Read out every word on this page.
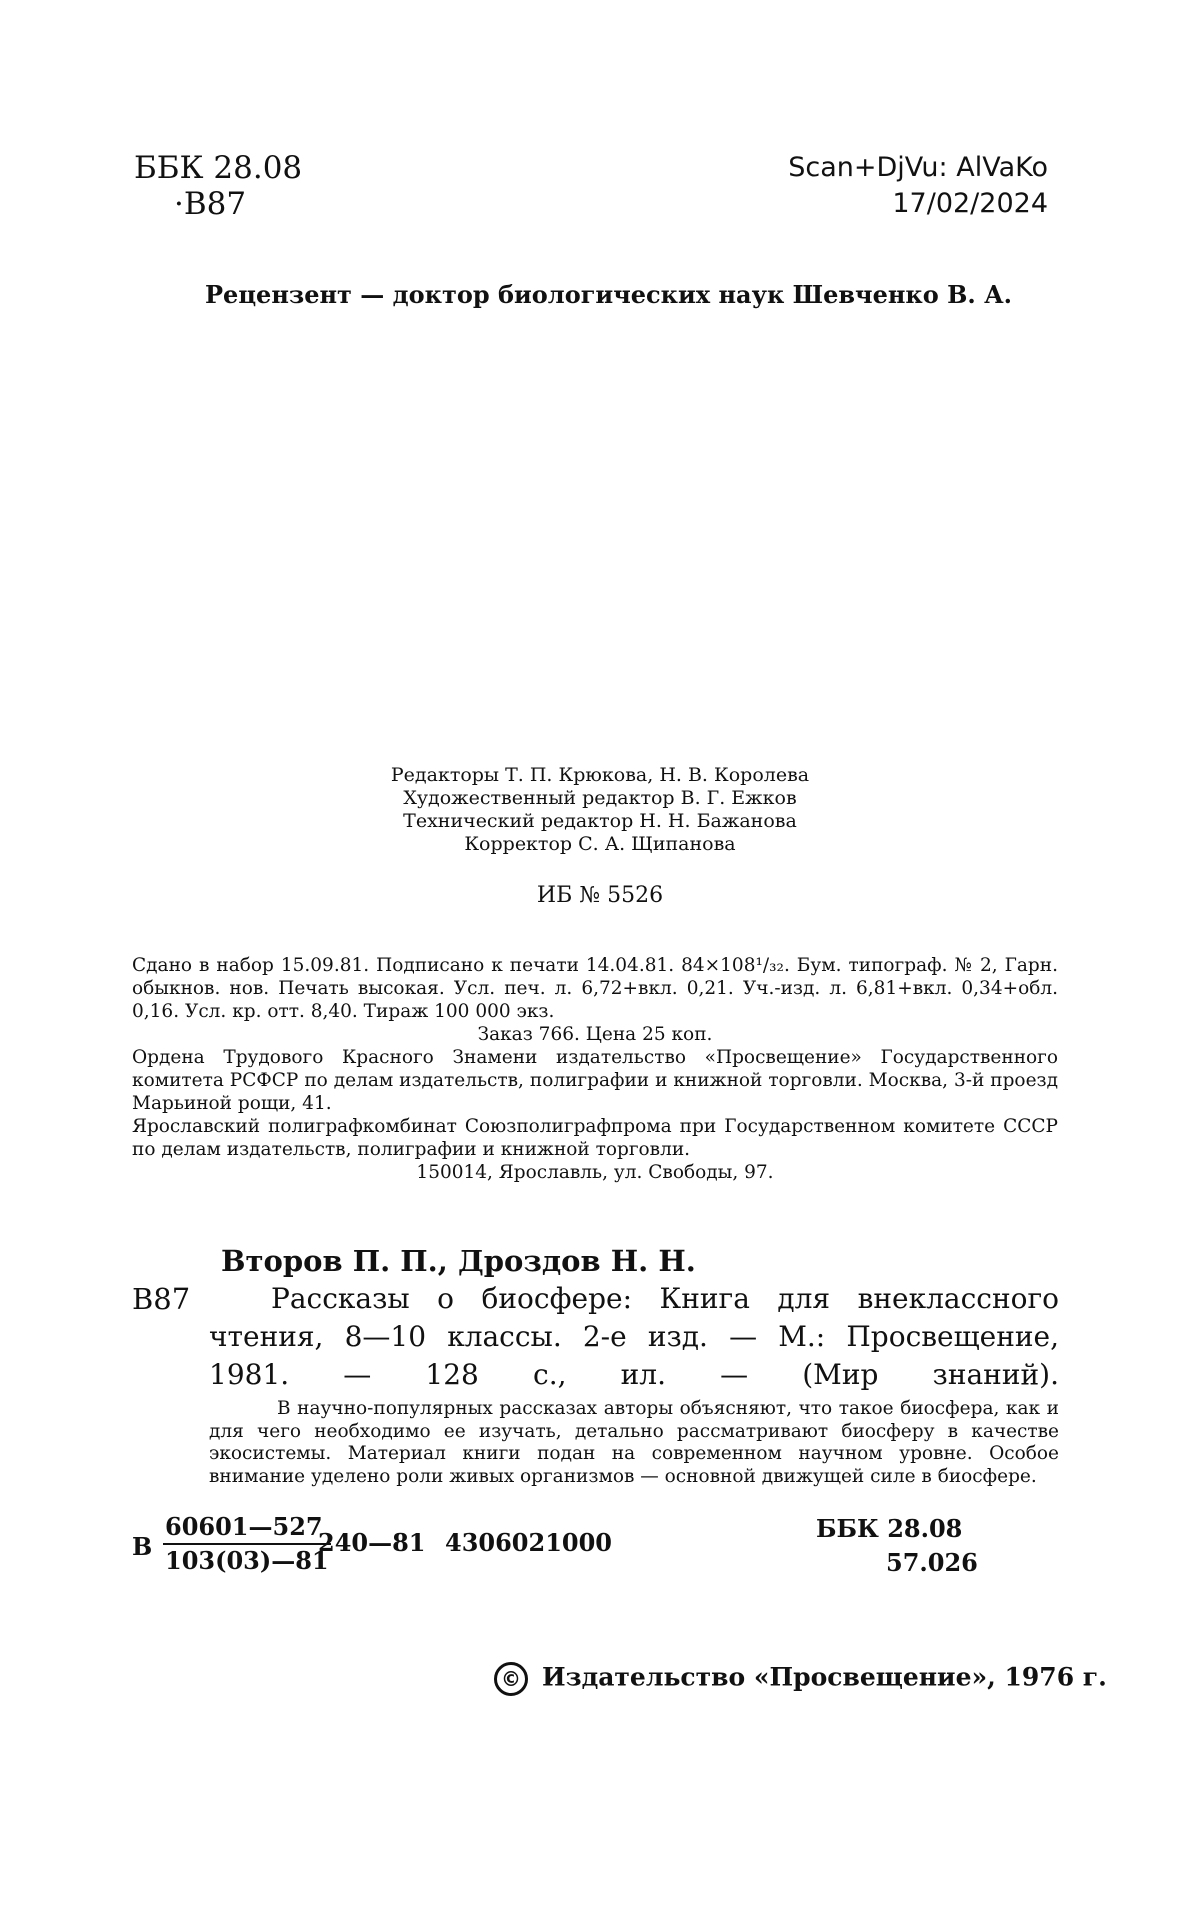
ББК 28.08
·В87
Scan+DjVu: AlVaKo
17/02/2024
Рецензент — доктор биологических наук Шевченко В. А.
Редакторы Т. П. Крюкова, Н. В. Королева
Художественный редактор В. Г. Ежков
Технический редактор Н. Н. Бажанова
Корректор С. А. Щипанова
ИБ № 5526

Сдано в набор 15.09.81. Подписано к печати 14.04.81. 84×108¹/₃₂. Бум. типограф. № 2, Гарн. обыкнов. нов. Печать высокая. Усл. печ. л. 6,72+вкл. 0,21. Уч.-изд. л. 6,81+вкл. 0,34+обл. 0,16. Усл. кр. отт. 8,40. Тираж 100 000 экз.

Заказ 766. Цена 25 коп.

Ордена Трудового Красного Знамени издательство «Просвещение» Государственного комитета РСФСР по делам издательств, полиграфии и книжной торговли. Москва, 3-й проезд Марьиной рощи, 41.

Ярославский полиграфкомбинат Союзполиграфпрома при Государственном комитете СССР по делам издательств, полиграфии и книжной торговли.

150014, Ярославль, ул. Свободы, 97.

Второв П. П., Дроздов Н. Н.
В87	Рассказы о биосфере: Книга для внеклассного чтения, 8—10 классы. 2-е изд. — М.: Просвещение, 1981. — 128 с., ил. — (Мир знаний).
В научно-популярных рассказах авторы объясняют, что такое биосфера, как и для чего необходимо ее изучать, детально рассматривают биосферу в качестве экосистемы. Материал книги подан на современном научном уровне. Особое внимание уделено роли живых организмов — основной движущей силе в биосфере.
В
60601—527
103(03)—81
240—81 4306021000	ББК 28.08
57.026
© Издательство «Просвещение», 1976 г.
